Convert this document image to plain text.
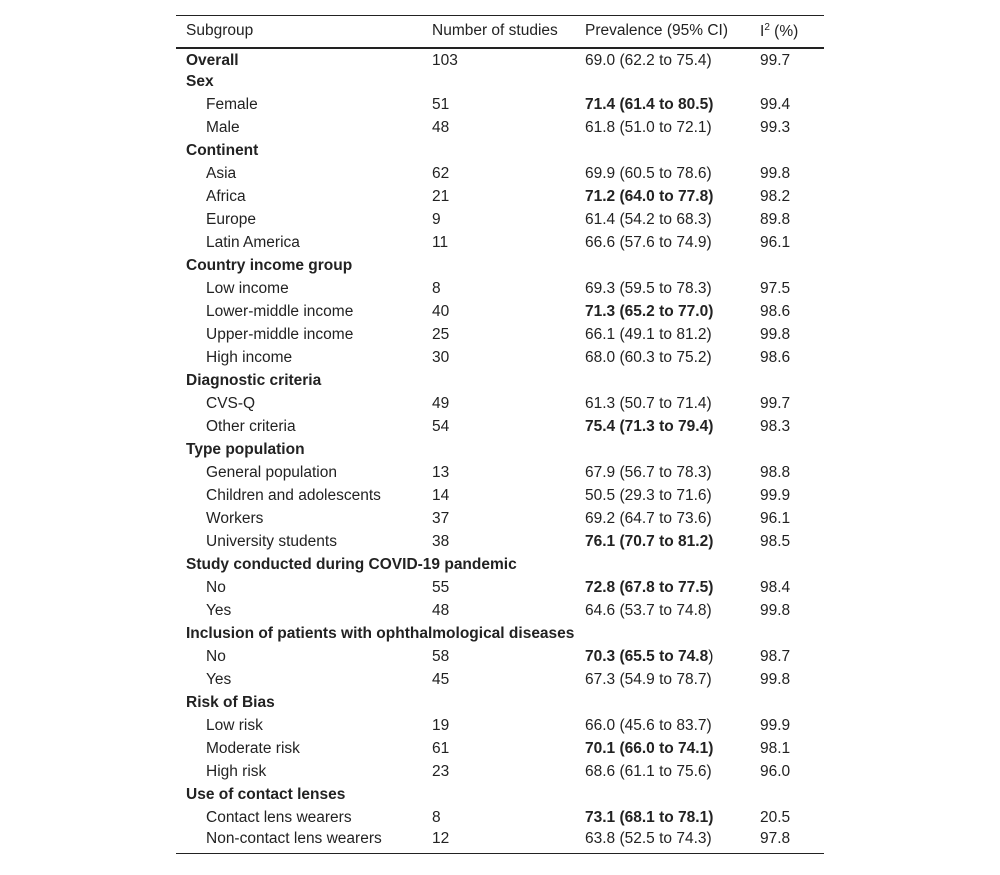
Subgroup	Number of studies	Prevalence (95% CI)	$I^2$ (%)
Overall	103	69.0 (62.2 to 75.4)	99.7
Sex			
Female	51	71.4 (61.4 to 80.5)	99.4
Male	48	61.8 (51.0 to 72.1)	99.3
Continent			
Asia	62	69.9 (60.5 to 78.6)	99.8
Africa	21	71.2 (64.0 to 77.8)	98.2
Europe	9	61.4 (54.2 to 68.3)	89.8
Latin America	11	66.6 (57.6 to 74.9)	96.1
Country income group			
Low income	8	69.3 (59.5 to 78.3)	97.5
Lower-middle income	40	71.3 (65.2 to 77.0)	98.6
Upper-middle income	25	66.1 (49.1 to 81.2)	99.8
High income	30	68.0 (60.3 to 75.2)	98.6
Diagnostic criteria			
CVS-Q	49	61.3 (50.7 to 71.4)	99.7
Other criteria	54	75.4 (71.3 to 79.4)	98.3
Type population			
General population	13	67.9 (56.7 to 78.3)	98.8
Children and adolescents	14	50.5 (29.3 to 71.6)	99.9
Workers	37	69.2 (64.7 to 73.6)	96.1
University students	38	76.1 (70.7 to 81.2)	98.5
Study conducted during COVID-19 pandemic			
No	55	72.8 (67.8 to 77.5)	98.4
Yes	48	64.6 (53.7 to 74.8)	99.8
Inclusion of patients with ophthalmological diseases			
No	58	70.3 (65.5 to 74.8)	98.7
Yes	45	67.3 (54.9 to 78.7)	99.8
Risk of Bias			
Low risk	19	66.0 (45.6 to 83.7)	99.9
Moderate risk	61	70.1 (66.0 to 74.1)	98.1
High risk	23	68.6 (61.1 to 75.6)	96.0
Use of contact lenses			
Contact lens wearers	8	73.1 (68.1 to 78.1)	20.5
Non-contact lens wearers	12	63.8 (52.5 to 74.3)	97.8
